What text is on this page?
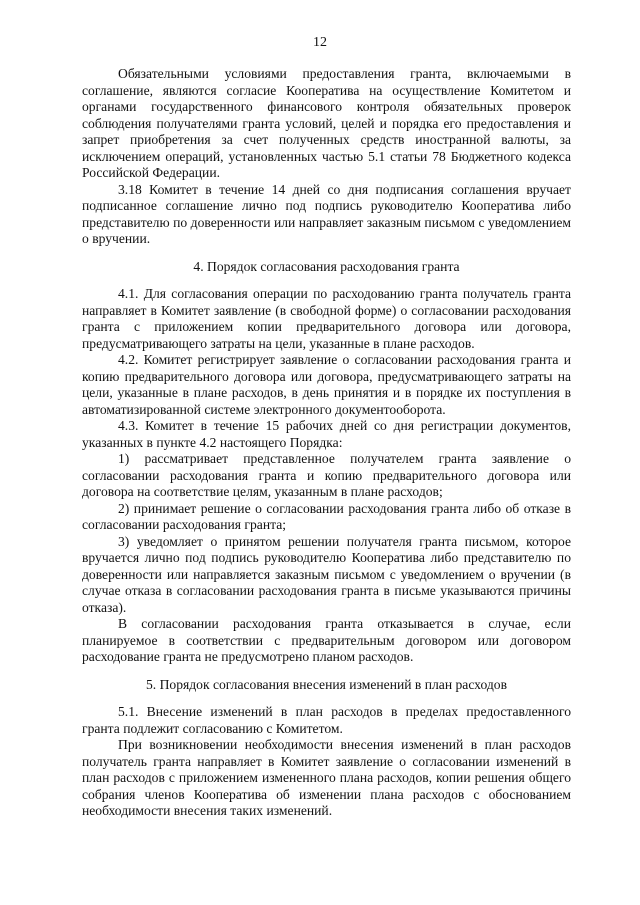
12

Обязательными условиями предоставления гранта, включаемыми в соглашение, являются согласие Кооператива на осуществление Комитетом и органами государственного финансового контроля обязательных проверок соблюдения получателями гранта условий, целей и порядка его предоставления и запрет приобретения за счет полученных средств иностранной валюты, за исключением операций, установленных частью 5.1 статьи 78 Бюджетного кодекса Российской Федерации.

3.18 Комитет в течение 14 дней со дня подписания соглашения вручает подписанное соглашение лично под подпись руководителю Кооператива либо представителю по доверенности или направляет заказным письмом с уведомлением о вручении.

4. Порядок согласования расходования гранта

4.1. Для согласования операции по расходованию гранта получатель гранта направляет в Комитет заявление (в свободной форме) о согласовании расходования гранта с приложением копии предварительного договора или договора, предусматривающего затраты на цели, указанные в плане расходов.

4.2. Комитет регистрирует заявление о согласовании расходования гранта и копию предварительного договора или договора, предусматривающего затраты на цели, указанные в плане расходов, в день принятия и в порядке их поступления в автоматизированной системе электронного документооборота.

4.3. Комитет в течение 15 рабочих дней со дня регистрации документов, указанных в пункте 4.2 настоящего Порядка:

1) рассматривает представленное получателем гранта заявление о согласовании расходования гранта и копию предварительного договора или договора на соответствие целям, указанным в плане расходов;

2) принимает решение о согласовании расходования гранта либо об отказе в согласовании расходования гранта;

3) уведомляет о принятом решении получателя гранта письмом, которое вручается лично под подпись руководителю Кооператива либо представителю по доверенности или направляется заказным письмом с уведомлением о вручении (в случае отказа в согласовании расходования гранта в письме указываются причины отказа).

В согласовании расходования гранта отказывается в случае, если планируемое в соответствии с предварительным договором или договором расходование гранта не предусмотрено планом расходов.

5. Порядок согласования внесения изменений в план расходов

5.1. Внесение изменений в план расходов в пределах предоставленного гранта подлежит согласованию с Комитетом.

При возникновении необходимости внесения изменений в план расходов получатель гранта направляет в Комитет заявление о согласовании изменений в план расходов с приложением измененного плана расходов, копии решения общего собрания членов Кооператива об изменении плана расходов с обоснованием необходимости внесения таких изменений.
